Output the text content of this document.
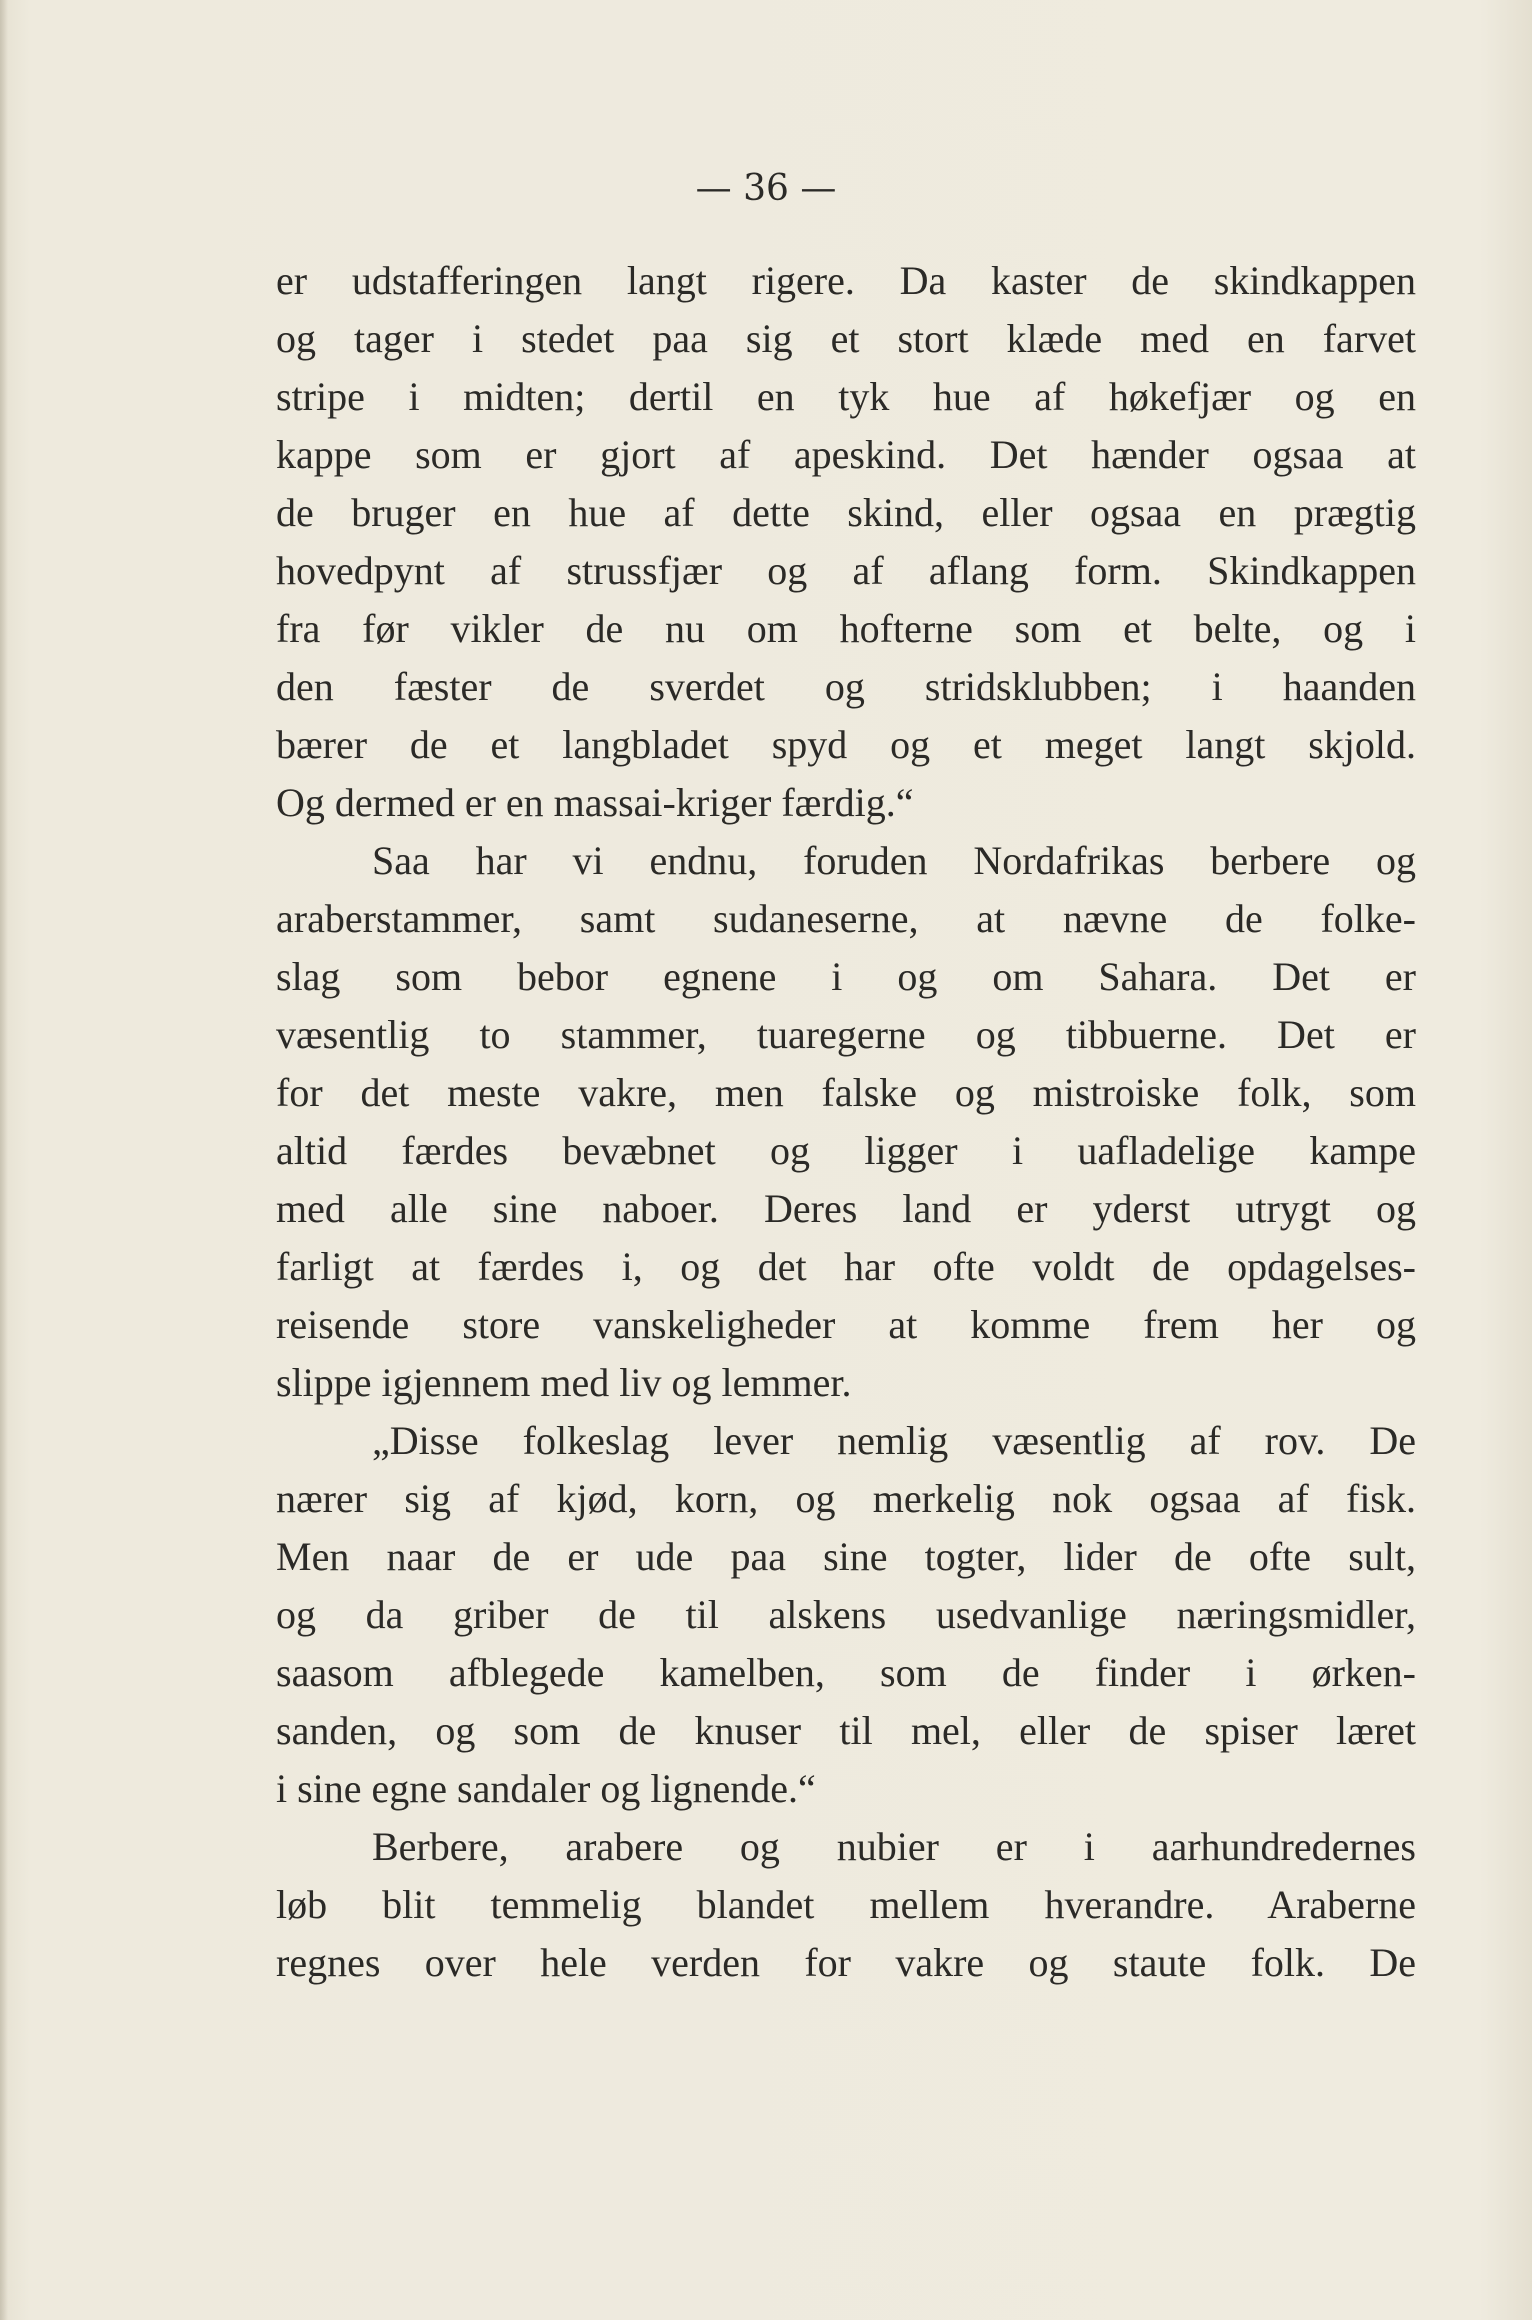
— 36 —

er udstafferingen langt rigere. Da kaster de skindkappen
og tager i stedet paa sig et stort klæde med en farvet
stripe i midten; dertil en tyk hue af høkefjær og en
kappe som er gjort af apeskind. Det hænder ogsaa at
de bruger en hue af dette skind, eller ogsaa en prægtig
hovedpynt af strussfjær og af aflang form. Skindkappen
fra før vikler de nu om hofterne som et belte, og i
den fæster de sverdet og stridsklubben; i haanden
bærer de et langbladet spyd og et meget langt skjold.
Og dermed er en massai-kriger færdig.“
Saa har vi endnu, foruden Nordafrikas berbere og
araberstammer, samt sudaneserne, at nævne de folke-
slag som bebor egnene i og om Sahara. Det er
væsentlig to stammer, tuaregerne og tibbuerne. Det er
for det meste vakre, men falske og mistroiske folk, som
altid færdes bevæbnet og ligger i uafladelige kampe
med alle sine naboer. Deres land er yderst utrygt og
farligt at færdes i, og det har ofte voldt de opdagelses-
reisende store vanskeligheder at komme frem her og
slippe igjennem med liv og lemmer.
„Disse folkeslag lever nemlig væsentlig af rov. De
nærer sig af kjød, korn, og merkelig nok ogsaa af fisk.
Men naar de er ude paa sine togter, lider de ofte sult,
og da griber de til alskens usedvanlige næringsmidler,
saasom afblegede kamelben, som de finder i ørken-
sanden, og som de knuser til mel, eller de spiser læret
i sine egne sandaler og lignende.“
Berbere, arabere og nubier er i aarhundredernes
løb blit temmelig blandet mellem hverandre. Araberne
regnes over hele verden for vakre og staute folk. De
